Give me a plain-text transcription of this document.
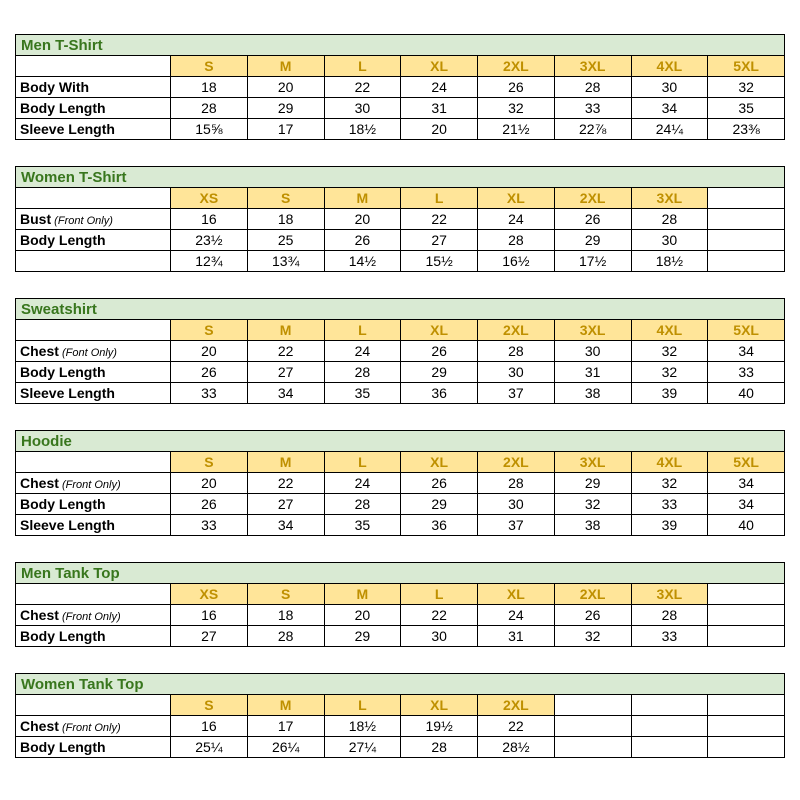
Men T-Shirt								
	S	M	L	XL	2XL	3XL	4XL	5XL
Body With	18	20	22	24	26	28	30	32
Body Length	28	29	30	31	32	33	34	35
Sleeve Length	15⅝	17	18½	20	21½	22⅞	24¼	23⅜
Women T-Shirt								
	XS	S	M	L	XL	2XL	3XL	
Bust (Front Only)	16	18	20	22	24	26	28	
Body Length	23½	25	26	27	28	29	30	
	12¾	13¾	14½	15½	16½	17½	18½	
Sweatshirt								
	S	M	L	XL	2XL	3XL	4XL	5XL
Chest (Font Only)	20	22	24	26	28	30	32	34
Body Length	26	27	28	29	30	31	32	33
Sleeve Length	33	34	35	36	37	38	39	40
Hoodie								
	S	M	L	XL	2XL	3XL	4XL	5XL
Chest (Front Only)	20	22	24	26	28	29	32	34
Body Length	26	27	28	29	30	32	33	34
Sleeve Length	33	34	35	36	37	38	39	40
Men Tank Top								
	XS	S	M	L	XL	2XL	3XL	
Chest (Front Only)	16	18	20	22	24	26	28	
Body Length	27	28	29	30	31	32	33	
Women Tank Top								
	S	M	L	XL	2XL			
Chest (Front Only)	16	17	18½	19½	22			
Body Length	25¼	26¼	27¼	28	28½			
